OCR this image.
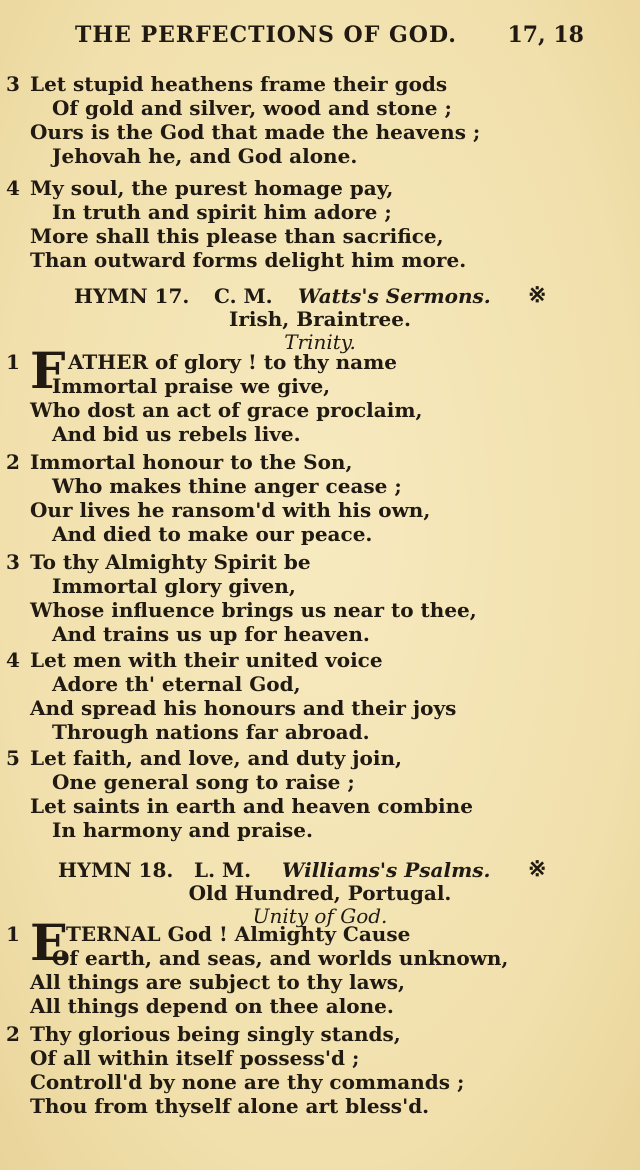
THE PERFECTIONS OF GOD. 17, 18
3 Let stupid heathens frame their gods
Of gold and silver, wood and stone ;
Ours is the God that made the heavens ;
Jehovah he, and God alone.
4 My soul, the purest homage pay,
In truth and spirit him adore ;
More shall this please than sacrifice,
Than outward forms delight him more.
HYMN 17. C. M. Watts's Sermons. ※
Irish, Braintree.
Trinity.
1 F ATHER of glory ! to thy name
Immortal praise we give,
Who dost an act of grace proclaim,
And bid us rebels live.
2 Immortal honour to the Son,
Who makes thine anger cease ;
Our lives he ransom'd with his own,
And died to make our peace.
3 To thy Almighty Spirit be
Immortal glory given,
Whose influence brings us near to thee,
And trains us up for heaven.
4 Let men with their united voice
Adore th' eternal God,
And spread his honours and their joys
Through nations far abroad.
5 Let faith, and love, and duty join,
One general song to raise ;
Let saints in earth and heaven combine
In harmony and praise.
HYMN 18. L. M. Williams's Psalms. ※
Old Hundred, Portugal.
Unity of God.
1 E
TERNAL God ! Almighty Cause
Of earth, and seas, and worlds unknown,
All things are subject to thy laws,
All things depend on thee alone.
2 Thy glorious being singly stands,
Of all within itself possess'd ;
Controll'd by none are thy commands ;
Thou from thyself alone art bless'd.
